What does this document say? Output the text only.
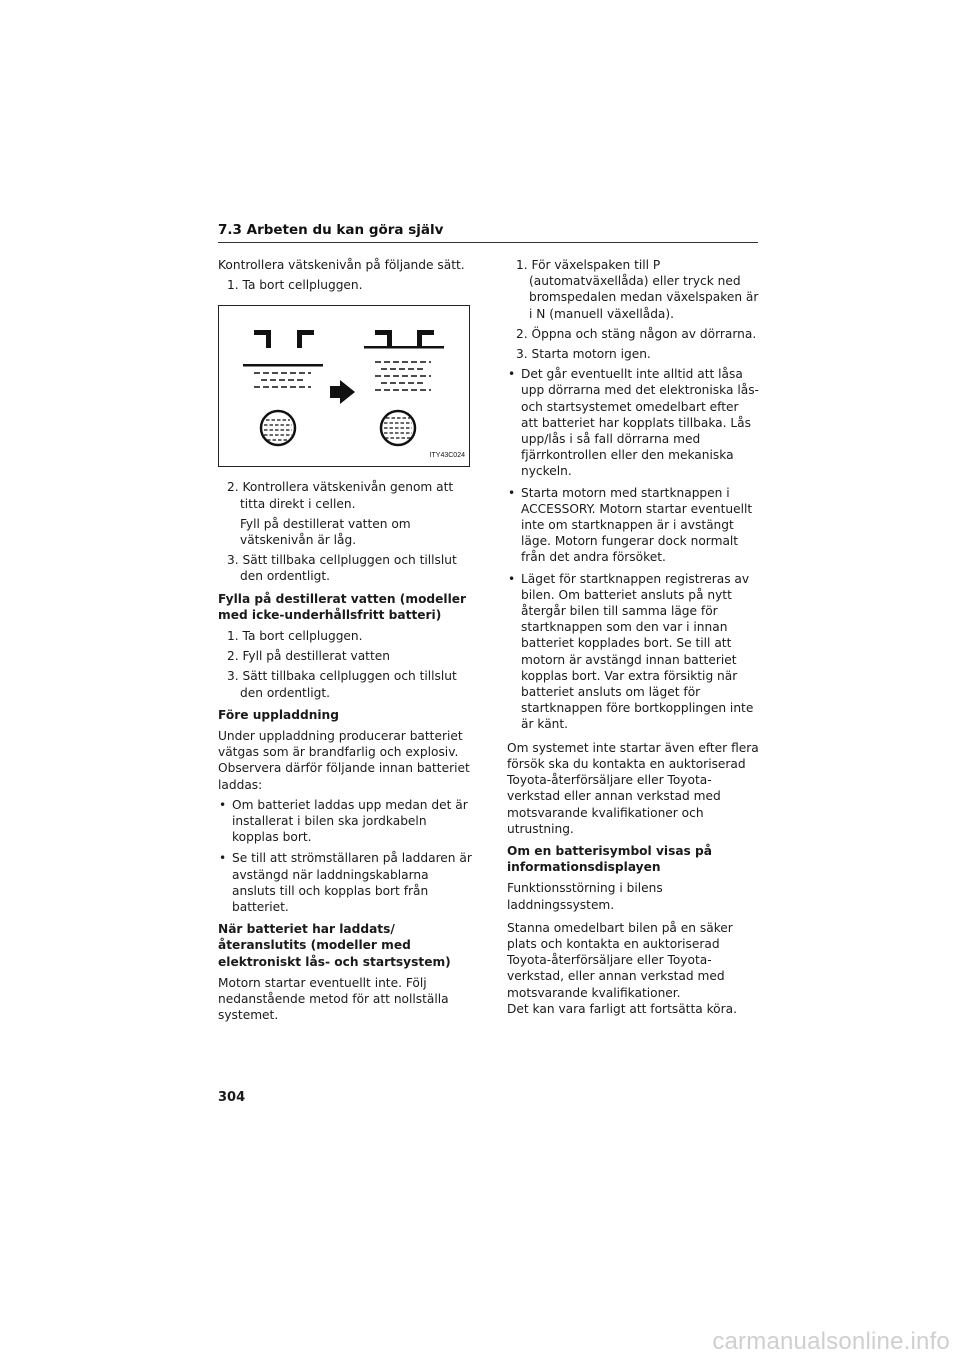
7.3 Arbeten du kan göra själv

Kontrollera vätskenivån på följande sätt.

1. Ta bort cellpluggen.
ITY43C024
2. Kontrollera vätskenivån genom att titta direkt i cellen.
Fyll på destillerat vatten om vätskenivån är låg.
3. Sätt tillbaka cellpluggen och tillslut den ordentligt.
Fylla på destillerat vatten (modeller med icke-underhållsfritt batteri)
1. Ta bort cellpluggen.
2. Fyll på destillerat vatten
3. Sätt tillbaka cellpluggen och tillslut den ordentligt.
Före uppladdning

Under uppladdning producerar batteriet vätgas som är brandfarlig och explosiv. Observera därför följande innan batteriet laddas:

• Om batteriet laddas upp medan det är installerat i bilen ska jordkabeln kopplas bort.
• Se till att strömställaren på laddaren är avstängd när laddningskablarna ansluts till och kopplas bort från batteriet.
När batteriet har laddats/återanslutits (modeller med elektroniskt lås- och startsystem)

Motorn startar eventuellt inte. Följ nedanstående metod för att nollställa systemet.

1. För växelspaken till P (automatväxellåda) eller tryck ned bromspedalen medan växelspaken är i N (manuell växellåda).
2. Öppna och stäng någon av dörrarna.
3. Starta motorn igen.
• Det går eventuellt inte alltid att låsa upp dörrarna med det elektroniska lås- och startsystemet omedelbart efter att batteriet har kopplats tillbaka. Lås upp/lås i så fall dörrarna med fjärrkontrollen eller den mekaniska nyckeln.
• Starta motorn med startknappen i ACCESSORY. Motorn startar eventuellt inte om startknappen är i avstängt läge. Motorn fungerar dock normalt från det andra försöket.
• Läget för startknappen registreras av bilen. Om batteriet ansluts på nytt återgår bilen till samma läge för startknappen som den var i innan batteriet kopplades bort. Se till att motorn är avstängd innan batteriet kopplas bort. Var extra försiktig när batteriet ansluts om läget för startknappen före bortkopplingen inte är känt.

Om systemet inte startar även efter flera försök ska du kontakta en auktoriserad Toyota-återförsäljare eller Toyota-verkstad eller annan verkstad med motsvarande kvalifikationer och utrustning.

Om en batterisymbol visas på informationsdisplayen

Funktionsstörning i bilens laddningssystem.

Stanna omedelbart bilen på en säker plats och kontakta en auktoriserad Toyota-återförsäljare eller Toyota-verkstad, eller annan verkstad med motsvarande kvalifikationer.
Det kan vara farligt att fortsätta köra.

304
carmanualsonline.info
